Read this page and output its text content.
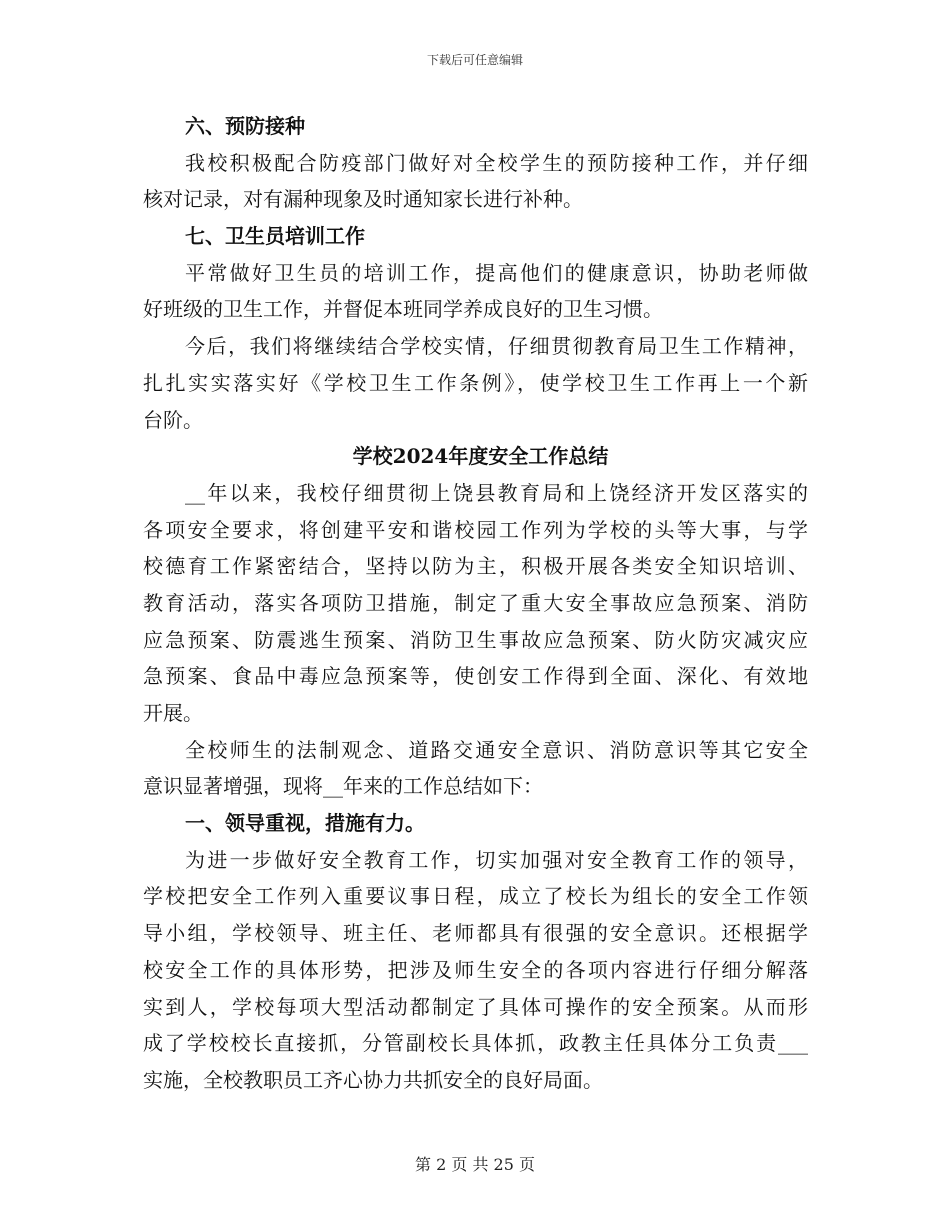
下载后可任意编辑
六、预防接种
我校积极配合防疫部门做好对全校学生的预防接种工作，并仔细
核对记录，对有漏种现象及时通知家长进行补种。
七、卫生员培训工作
平常做好卫生员的培训工作，提高他们的健康意识，协助老师做
好班级的卫生工作，并督促本班同学养成良好的卫生习惯。
今后，我们将继续结合学校实情，仔细贯彻教育局卫生工作精神，
扎扎实实落实好《学校卫生工作条例》，使学校卫生工作再上一个新
台阶。
学校2024年度安全工作总结
__年以来，我校仔细贯彻上饶县教育局和上饶经济开发区落实的
各项安全要求，将创建平安和谐校园工作列为学校的头等大事，与学
校德育工作紧密结合，坚持以防为主，积极开展各类安全知识培训、
教育活动，落实各项防卫措施，制定了重大安全事故应急预案、消防
应急预案、防震逃生预案、消防卫生事故应急预案、防火防灾减灾应
急预案、食品中毒应急预案等，使创安工作得到全面、深化、有效地
开展。
全校师生的法制观念、道路交通安全意识、消防意识等其它安全
意识显著增强，现将__年来的工作总结如下：
一、领导重视，措施有力。
为进一步做好安全教育工作，切实加强对安全教育工作的领导，
学校把安全工作列入重要议事日程，成立了校长为组长的安全工作领
导小组，学校领导、班主任、老师都具有很强的安全意识。还根据学
校安全工作的具体形势，把涉及师生安全的各项内容进行仔细分解落
实到人，学校每项大型活动都制定了具体可操作的安全预案。从而形
成了学校校长直接抓，分管副校长具体抓，政教主任具体分工负责___
实施，全校教职员工齐心协力共抓安全的良好局面。
第 2 页 共 25 页
